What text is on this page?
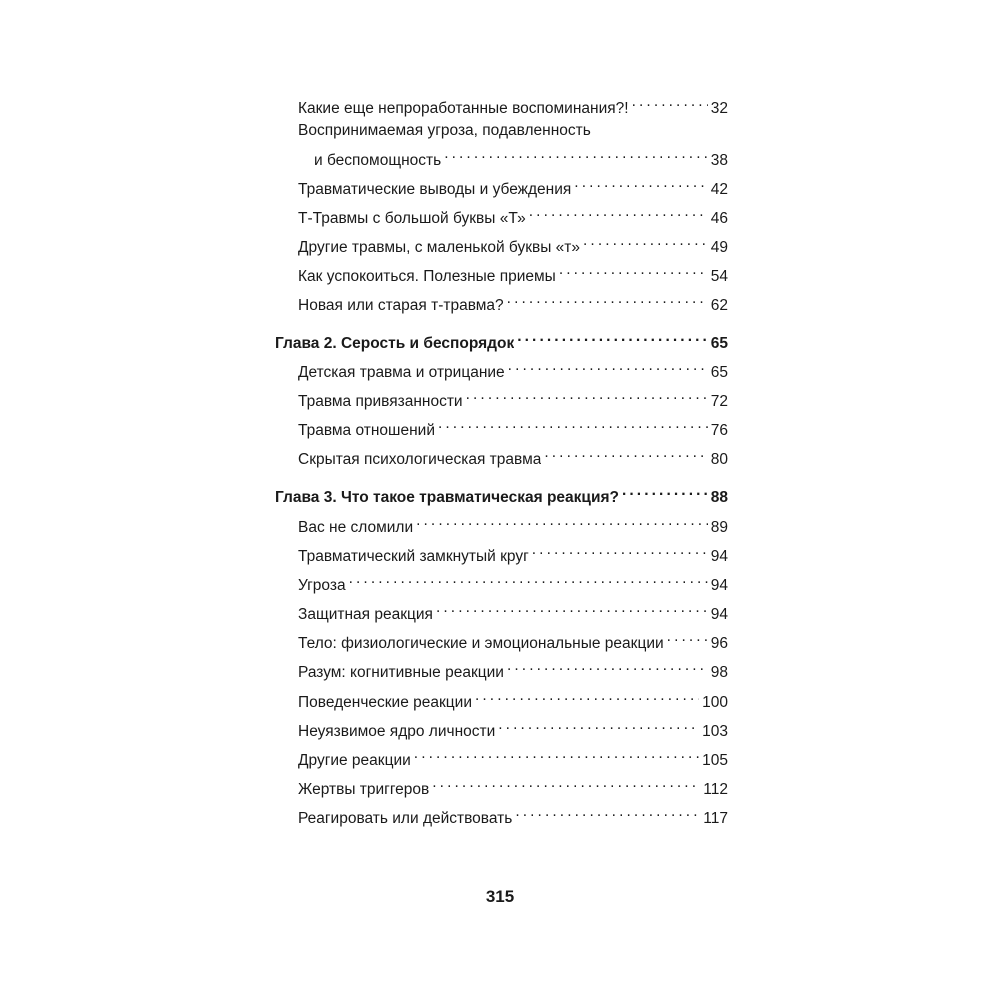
Какие еще непроработанные воспоминания?! . . .	32
Воспринимаемая угроза, подавленность
и беспомощность . . .	38
Травматические выводы и убеждения . . .	42
Т-Травмы с большой буквы «Т» . . .	46
Другие травмы, с маленькой буквы «т» . . .	49
Как успокоиться. Полезные приемы . . .	54
Новая или старая т-травма? . . .	62
Глава 2. Серость и беспорядок . . .	65
Детская травма и отрицание . . .	65
Травма привязанности . . .	72
Травма отношений . . .	76
Скрытая психологическая травма . . .	80
Глава 3. Что такое травматическая реакция? . . .	88
Вас не сломили . . .	89
Травматический замкнутый круг . . .	94
Угроза . . .	94
Защитная реакция . . .	94
Тело: физиологические и эмоциональные реакции . . .	96
Разум: когнитивные реакции . . .	98
Поведенческие реакции . . .	100
Неуязвимое ядро личности . . .	103
Другие реакции . . .	105
Жертвы триггеров . . .	112
Реагировать или действовать . . .	117
315
